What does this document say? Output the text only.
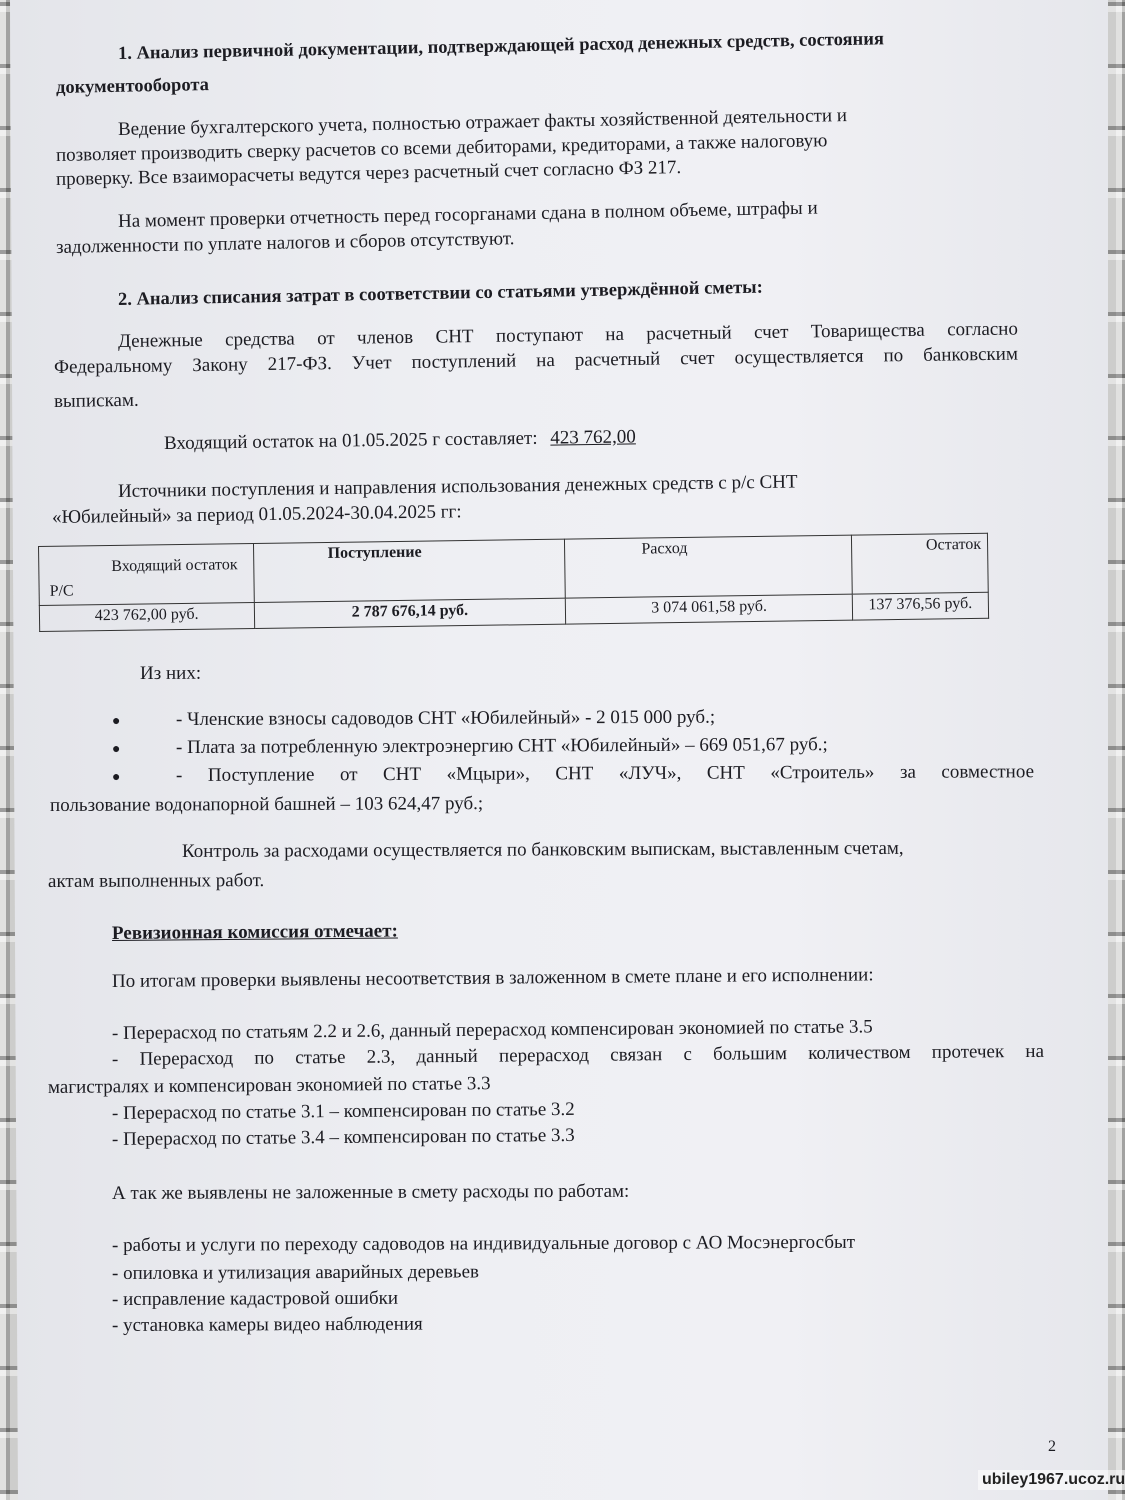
1. Анализ первичной документации, подтверждающей расход денежных средств, состояния
документооборота
Ведение бухгалтерского учета, полностью отражает факты хозяйственной деятельности и
позволяет производить сверку расчетов со всеми дебиторами, кредиторами, а также налоговую
проверку. Все взаиморасчеты ведутся через расчетный счет согласно ФЗ 217.
На момент проверки отчетность перед госорганами сдана в полном объеме, штрафы и
задолженности по уплате налогов и сборов отсутствуют.
2. Анализ списания затрат в соответствии со статьями утверждённой сметы:
Денежные средства от членов СНТ поступают на расчетный счет Товарищества согласно
Федеральному Закону 217-ФЗ. Учет поступлений на расчетный счет осуществляется по банковским
выпискам.
Входящий остаток на 01.05.2025 г составляет: 423 762,00
Источники поступления и направления использования денежных средств с р/с СНТ
«Юбилейный» за период 01.05.2024-30.04.2025 гг:
Входящий остаток
Р/С	Поступление	Расход	Остаток
423 762,00 руб.	2 787 676,14 руб.	3 074 061,58 руб.	137 376,56 руб.
Из них:
●	- Членские взносы садоводов СНТ «Юбилейный» - 2 015 000 руб.;
●	- Плата за потребленную электроэнергию СНТ «Юбилейный» – 669 051,67 руб.;
●	- Поступление от СНТ «Мцыри», СНТ «ЛУЧ», СНТ «Строитель» за совместное
пользование водонапорной башней – 103 624,47 руб.;
Контроль за расходами осуществляется по банковским выпискам, выставленным счетам,
актам выполненных работ.
Ревизионная комиссия отмечает:
По итогам проверки выявлены несоответствия в заложенном в смете плане и его исполнении:
- Перерасход по статьям 2.2 и 2.6, данный перерасход компенсирован экономией по статье 3.5
- Перерасход по статье 2.3, данный перерасход связан с большим количеством протечек на
магистралях и компенсирован экономией по статье 3.3
- Перерасход по статье 3.1 – компенсирован по статье 3.2
- Перерасход по статье 3.4 – компенсирован по статье 3.3
А так же выявлены не заложенные в смету расходы по работам:
- работы и услуги по переходу садоводов на индивидуальные договор с АО Мосэнергосбыт
- опиловка и утилизация аварийных деревьев
- исправление кадастровой ошибки
- установка камеры видео наблюдения
2
ubiley1967.ucoz.ru
